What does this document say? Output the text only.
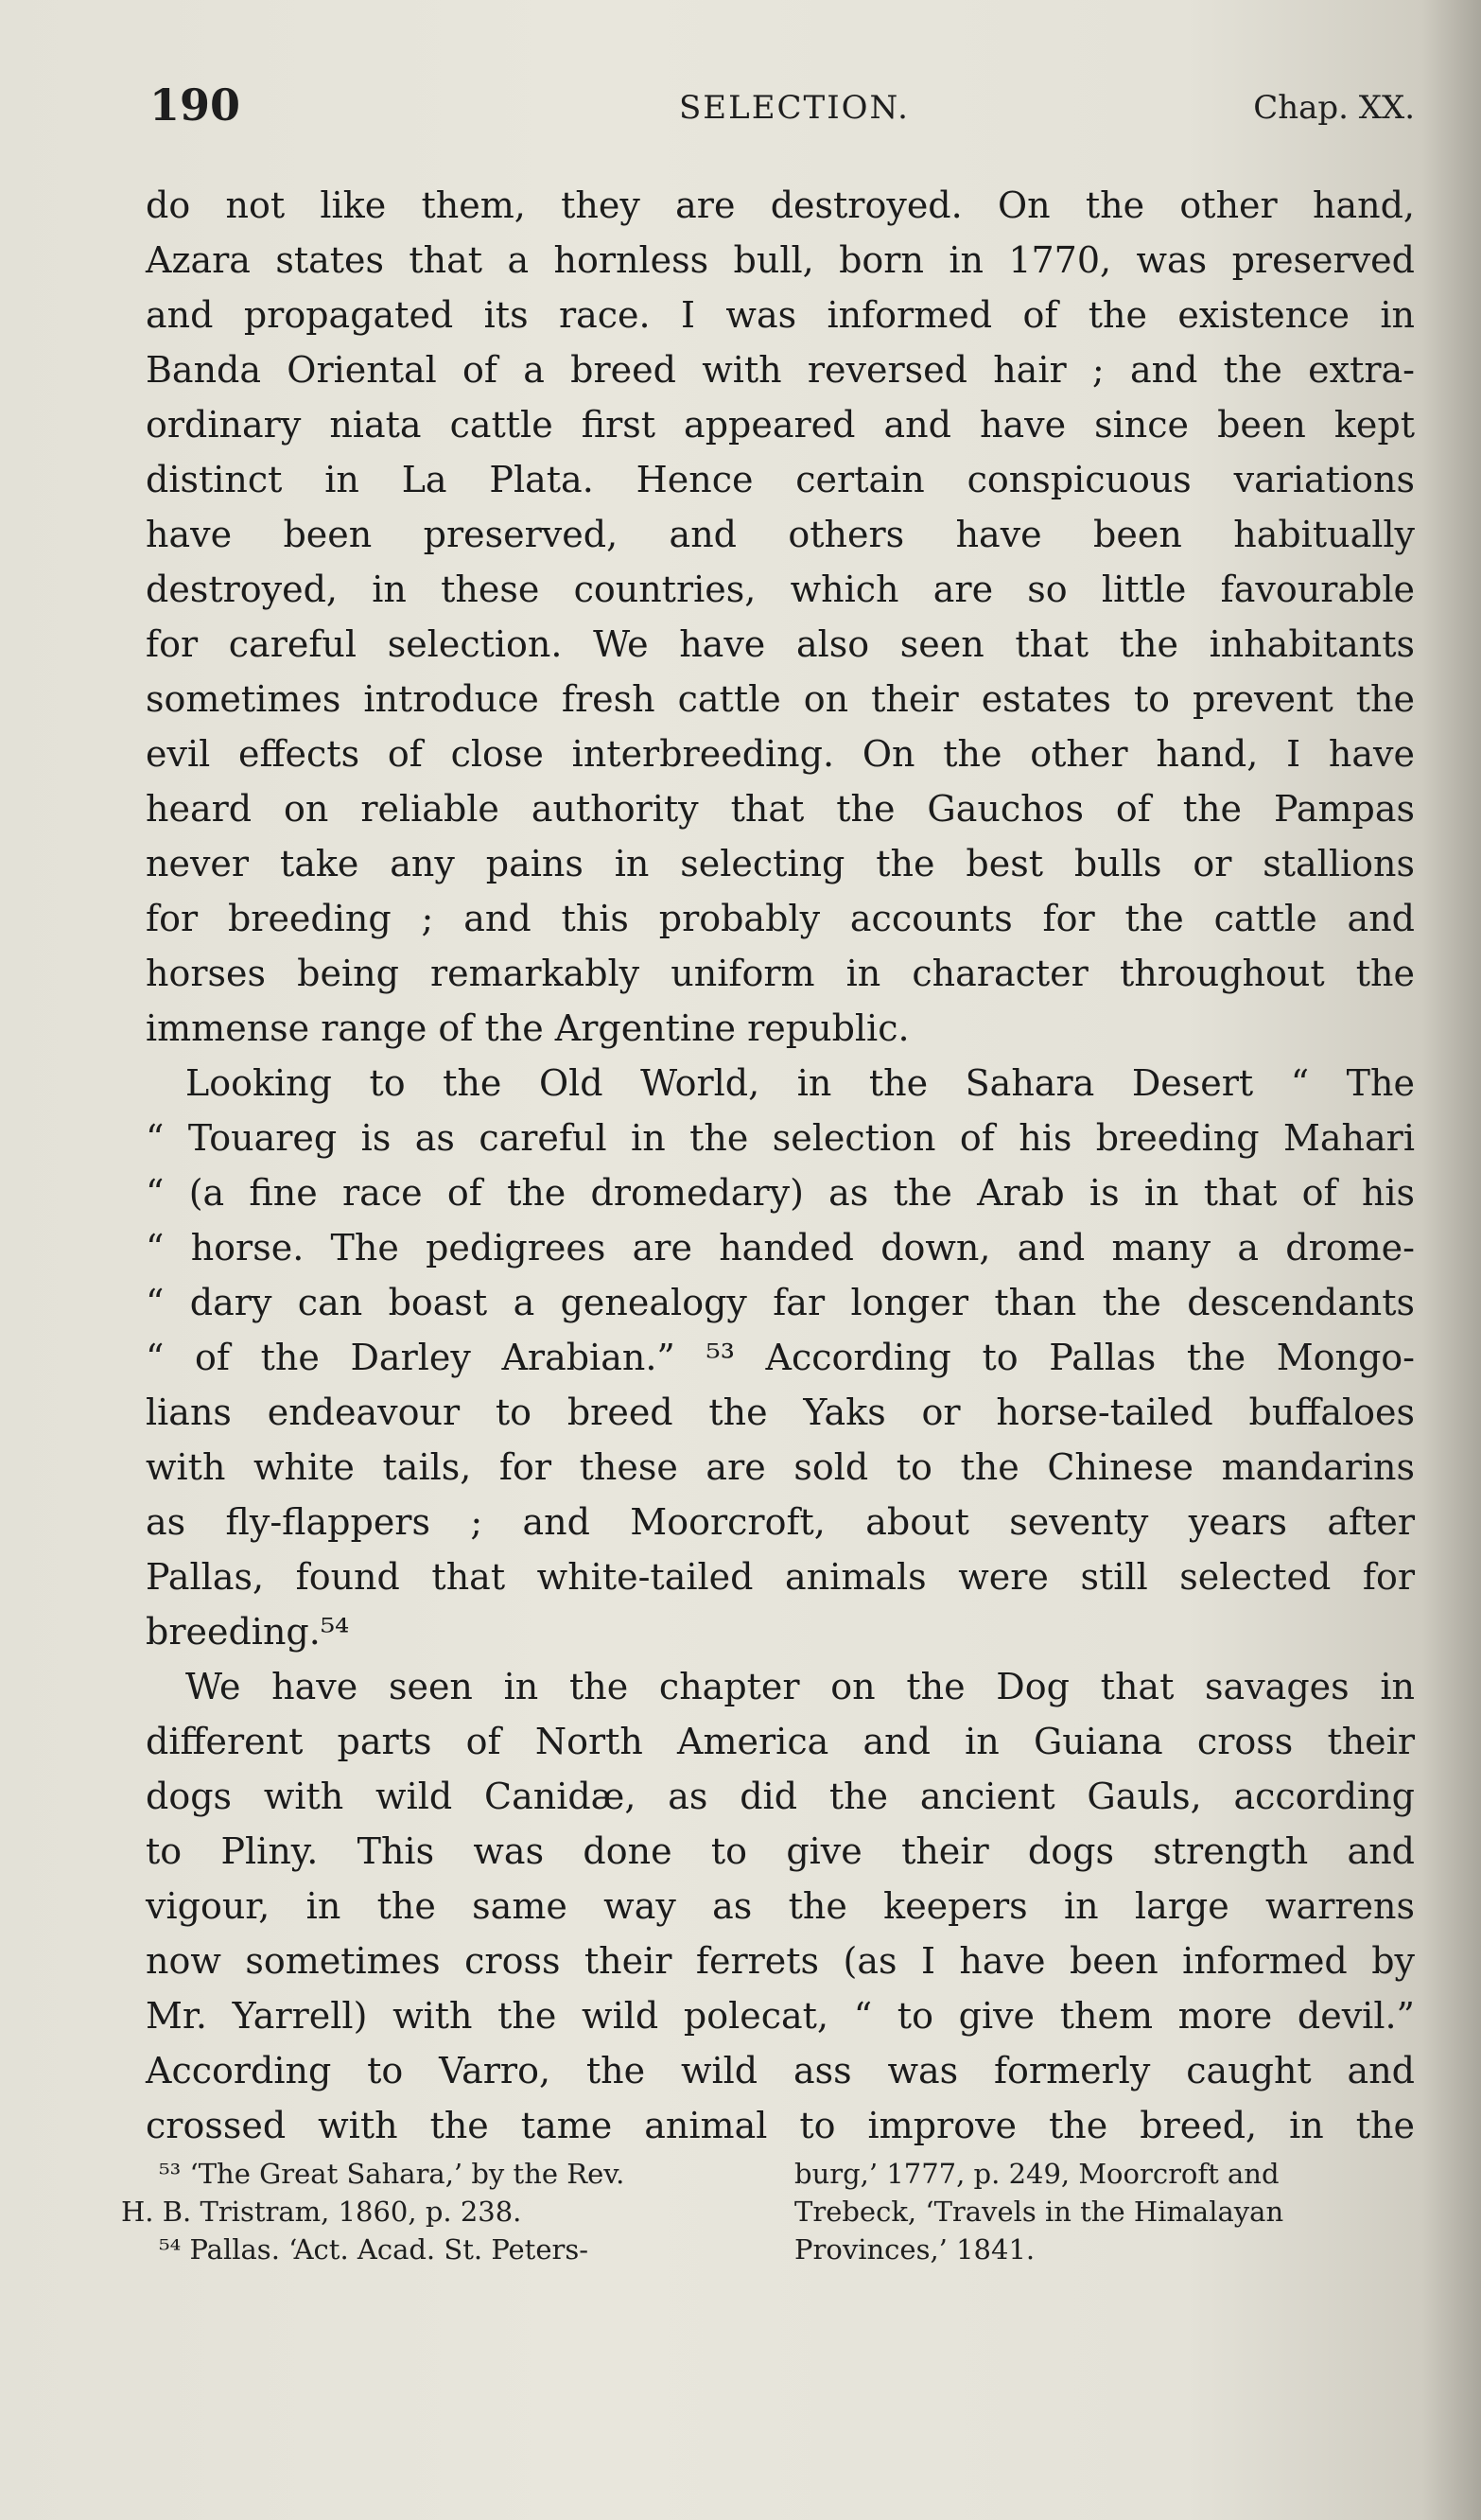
190	SELECTION.	Chap. XX.
do not like them, they are destroyed. On the other hand,
Azara states that a hornless bull, born in 1770, was preserved
and propagated its race. I was informed of the existence in
Banda Oriental of a breed with reversed hair ; and the extra-
ordinary niata cattle first appeared and have since been kept
distinct in La Plata. Hence certain conspicuous variations
have been preserved, and others have been habitually
destroyed, in these countries, which are so little favourable
for careful selection. We have also seen that the inhabitants
sometimes introduce fresh cattle on their estates to prevent the
evil effects of close interbreeding. On the other hand, I have
heard on reliable authority that the Gauchos of the Pampas
never take any pains in selecting the best bulls or stallions
for breeding ; and this probably accounts for the cattle and
horses being remarkably uniform in character throughout the
immense range of the Argentine republic.
Looking to the Old World, in the Sahara Desert “ The
“ Touareg is as careful in the selection of his breeding Mahari
“ (a fine race of the dromedary) as the Arab is in that of his
“ horse. The pedigrees are handed down, and many a drome-
“ dary can boast a genealogy far longer than the descendants
“ of the Darley Arabian.” ⁵³ According to Pallas the Mongo-
lians endeavour to breed the Yaks or horse-tailed buffaloes
with white tails, for these are sold to the Chinese mandarins
as fly-flappers ; and Moorcroft, about seventy years after
Pallas, found that white-tailed animals were still selected for
breeding.⁵⁴
We have seen in the chapter on the Dog that savages in
different parts of North America and in Guiana cross their
dogs with wild Canidæ, as did the ancient Gauls, according
to Pliny. This was done to give their dogs strength and
vigour, in the same way as the keepers in large warrens
now sometimes cross their ferrets (as I have been informed by
Mr. Yarrell) with the wild polecat, “ to give them more devil.”
According to Varro, the wild ass was formerly caught and
crossed with the tame animal to improve the breed, in the
⁵³ ‘The Great Sahara,’ by the Rev.
H. B. Tristram, 1860, p. 238.
⁵⁴ Pallas. ‘Act. Acad. St. Peters-
burg,’ 1777, p. 249, Moorcroft and
Trebeck, ‘Travels in the Himalayan
Provinces,’ 1841.
